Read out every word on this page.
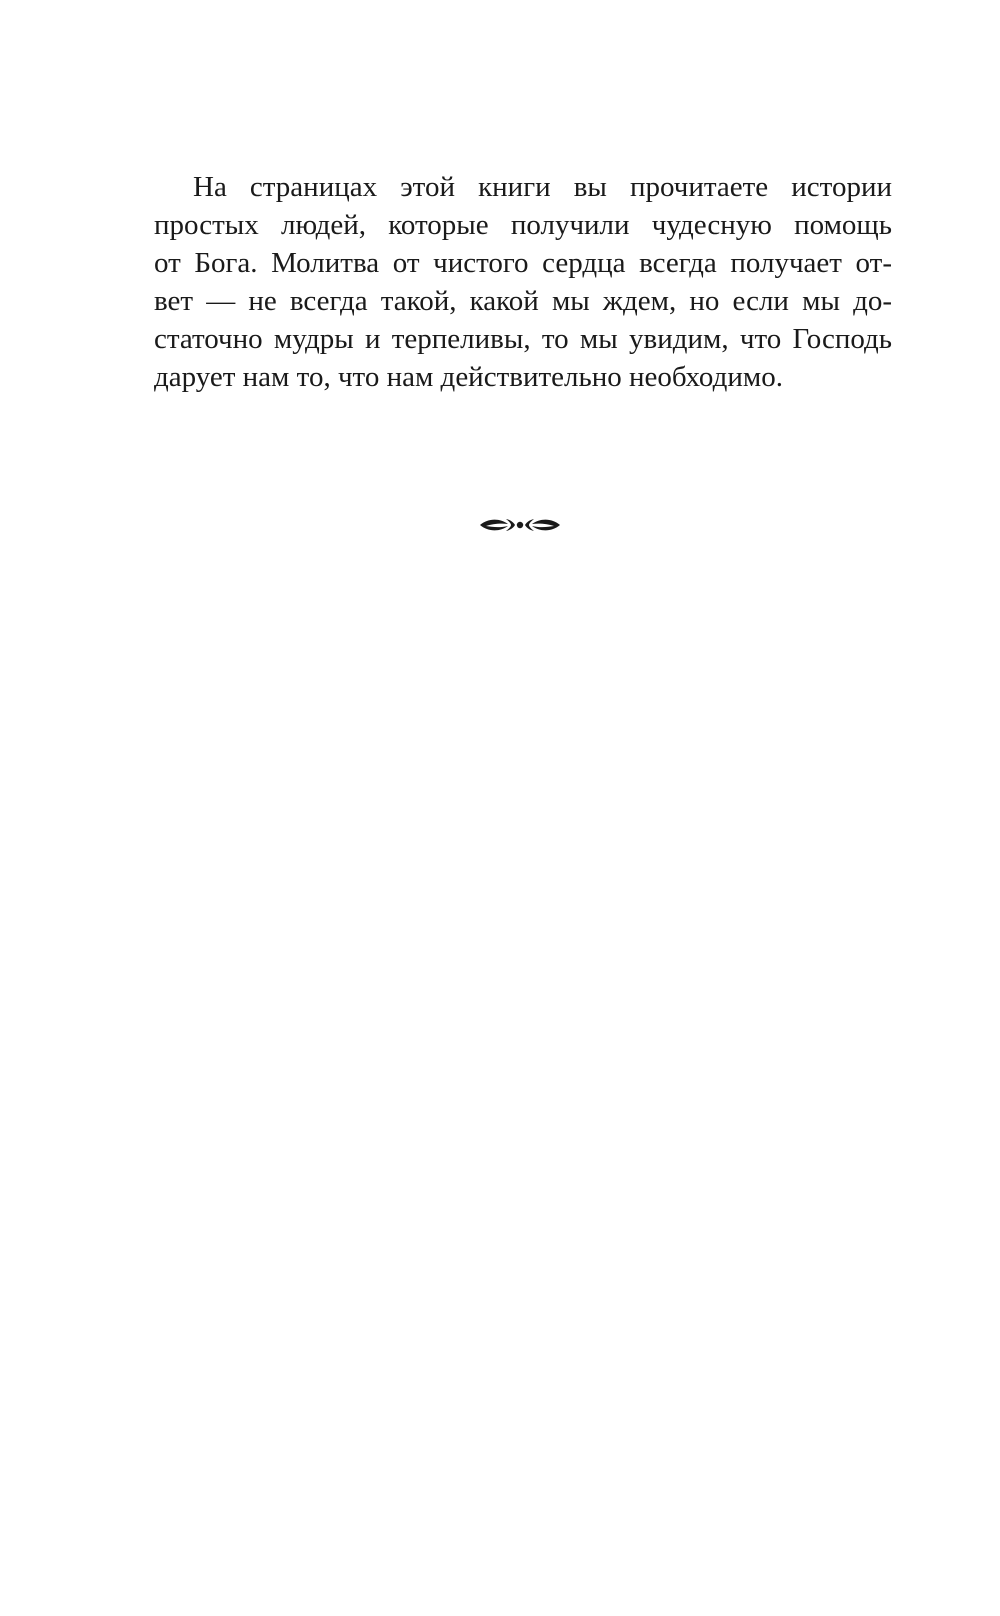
На страницах этой книги вы прочитаете истории
простых людей, которые получили чудесную помощь
от Бога. Молитва от чистого сердца всегда получает от-
вет — не всегда такой, какой мы ждем, но если мы до-
статочно мудры и терпеливы, то мы увидим, что Господь
дарует нам то, что нам действительно необходимо.
